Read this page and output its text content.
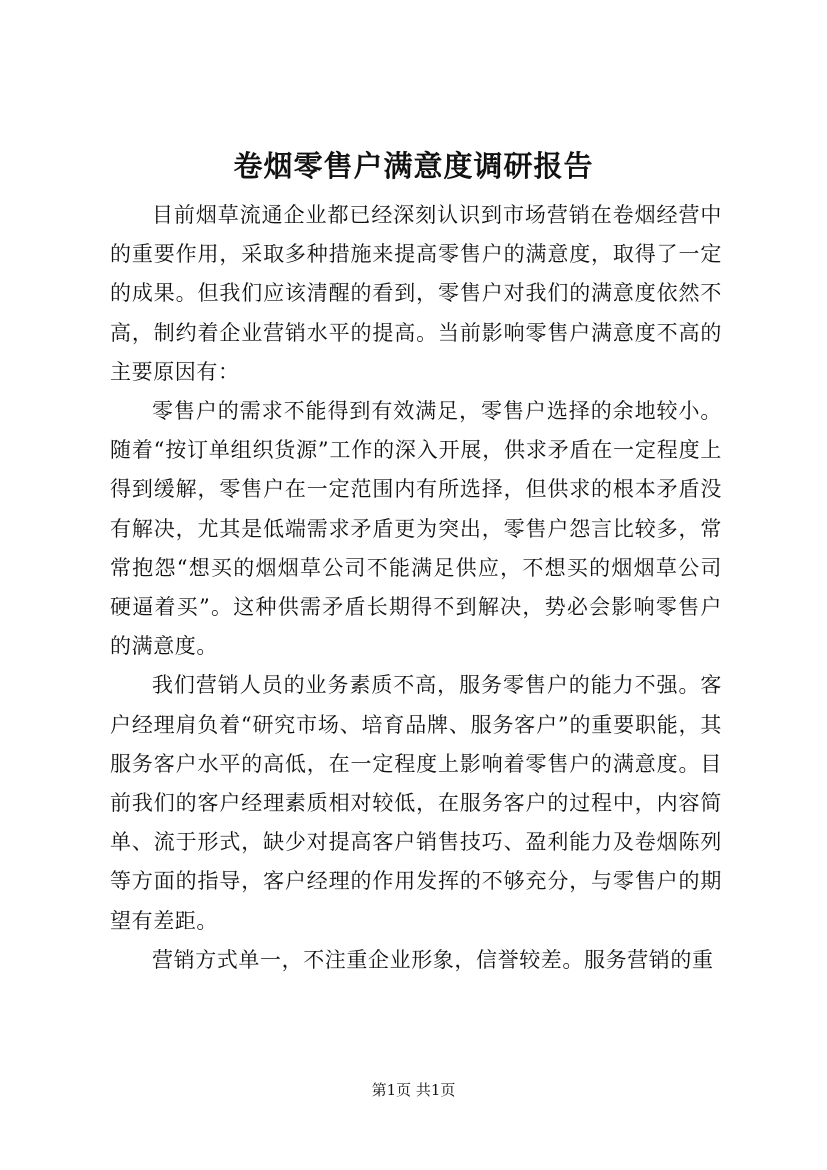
卷烟零售户满意度调研报告

目前烟草流通企业都已经深刻认识到市场营销在卷烟经营中的重要作用，采取多种措施来提高零售户的满意度，取得了一定的成果。但我们应该清醒的看到，零售户对我们的满意度依然不高，制约着企业营销水平的提高。当前影响零售户满意度不高的主要原因有：

零售户的需求不能得到有效满足，零售户选择的余地较小。随着“按订单组织货源”工作的深入开展，供求矛盾在一定程度上得到缓解，零售户在一定范围内有所选择，但供求的根本矛盾没有解决，尤其是低端需求矛盾更为突出，零售户怨言比较多，常常抱怨“想买的烟烟草公司不能满足供应，不想买的烟烟草公司硬逼着买”。这种供需矛盾长期得不到解决，势必会影响零售户的满意度。

我们营销人员的业务素质不高，服务零售户的能力不强。客户经理肩负着“研究市场、培育品牌、服务客户”的重要职能，其服务客户水平的高低，在一定程度上影响着零售户的满意度。目前我们的客户经理素质相对较低，在服务客户的过程中，内容简单、流于形式，缺少对提高客户销售技巧、盈利能力及卷烟陈列等方面的指导，客户经理的作用发挥的不够充分，与零售户的期望有差距。

营销方式单一，不注重企业形象，信誉较差。服务营销的重

第1页 共1页
